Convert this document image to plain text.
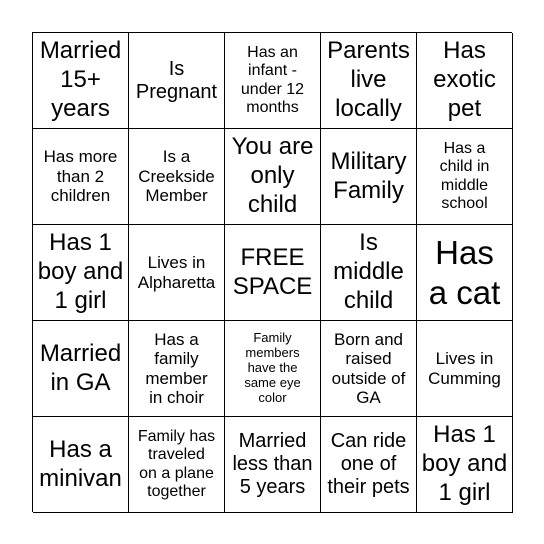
Married
15+
years
Is
Pregnant
Has an
infant -
under 12
months
Parents
live
locally
Has
exotic
pet
Has more
than 2
children
Is a
Creekside
Member
You are
only
child
Military
Family
Has a
child in
middle
school
Has 1
boy and
1 girl
Lives in
Alpharetta
FREE
SPACE
Is
middle
child
Has
a cat
Married
in GA
Has a
family
member
in choir
Family
members
have the
same eye
color
Born and
raised
outside of
GA
Lives in
Cumming
Has a
minivan
Family has
traveled
on a plane
together
Married
less than
5 years
Can ride
one of
their pets
Has 1
boy and
1 girl
